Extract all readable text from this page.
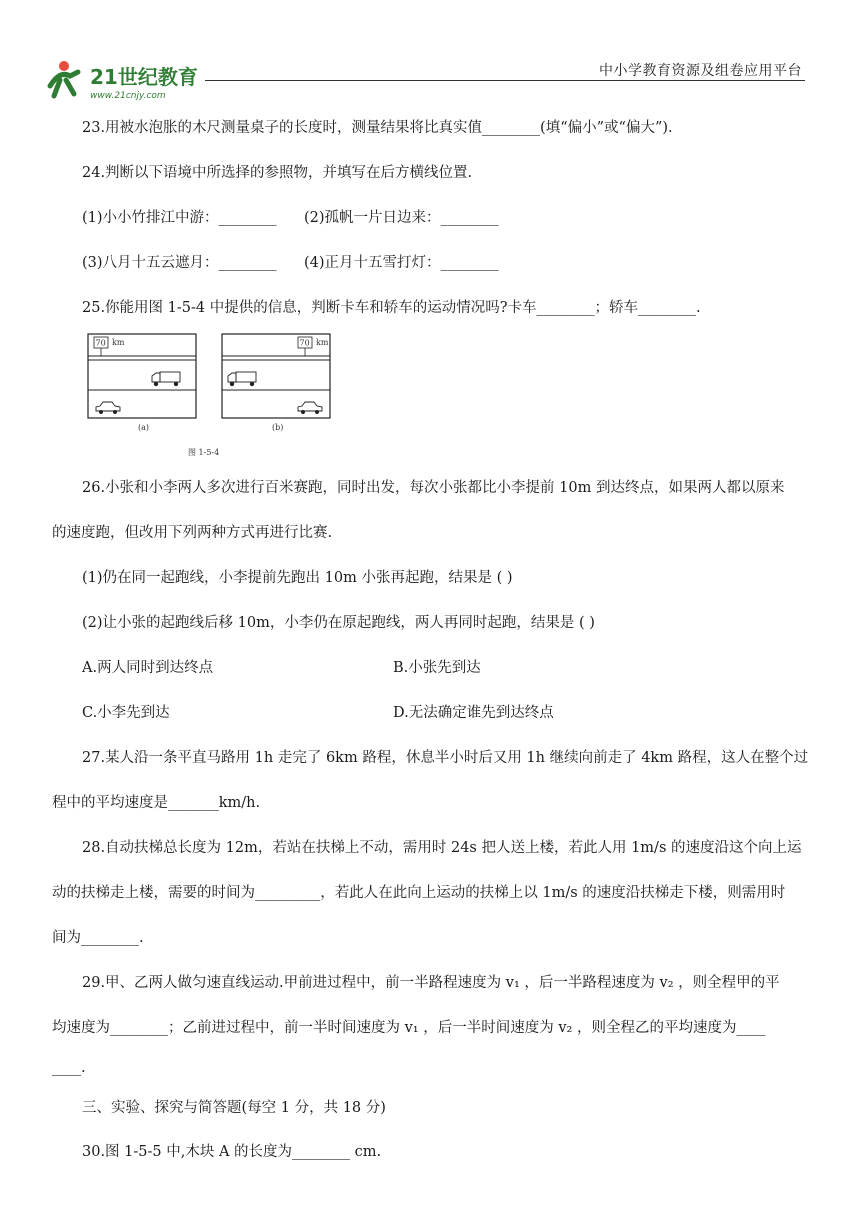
21世纪教育
www.21cnjy.com
中小学教育资源及组卷应用平台
23.用被水泡胀的木尺测量桌子的长度时，测量结果将比真实值________(填“偏小”或“偏大”).
24.判断以下语境中所选择的参照物，并填写在后方横线位置.
(1)小小竹排江中游：________ (2)孤帆一片日边来：________
(3)八月十五云遮月：________ (4)正月十五雪打灯：________
25.你能用图 1-5-4 中提供的信息，判断卡车和轿车的运动情况吗?卡车________；轿车________.
70 km
(a)
70 km
(b)
图 1-5-4
26.小张和小李两人多次进行百米赛跑，同时出发，每次小张都比小李提前 10m 到达终点，如果两人都以原来
的速度跑，但改用下列两种方式再进行比赛.
(1)仍在同一起跑线，小李提前先跑出 10m 小张再起跑，结果是 ( )
(2)让小张的起跑线后移 10m，小李仍在原起跑线，两人再同时起跑，结果是 ( )
A.两人同时到达终点	B.小张先到达
C.小李先到达	D.无法确定谁先到达终点
27.某人沿一条平直马路用 1h 走完了 6km 路程，休息半小时后又用 1h 继续向前走了 4km 路程，这人在整个过
程中的平均速度是_______km/h.
28.自动扶梯总长度为 12m，若站在扶梯上不动，需用时 24s 把人送上楼，若此人用 1m/s 的速度沿这个向上运
动的扶梯走上楼，需要的时间为_________，若此人在此向上运动的扶梯上以 1m/s 的速度沿扶梯走下楼，则需用时
间为________.
29.甲、乙两人做匀速直线运动.甲前进过程中，前一半路程速度为 v₁ ，后一半路程速度为 v₂ ，则全程甲的平
均速度为________；乙前进过程中，前一半时间速度为 v₁ ，后一半时间速度为 v₂ ，则全程乙的平均速度为____
____.
三、实验、探究与简答题(每空 1 分，共 18 分)
30.图 1-5-5 中,木块 A 的长度为________ cm.
